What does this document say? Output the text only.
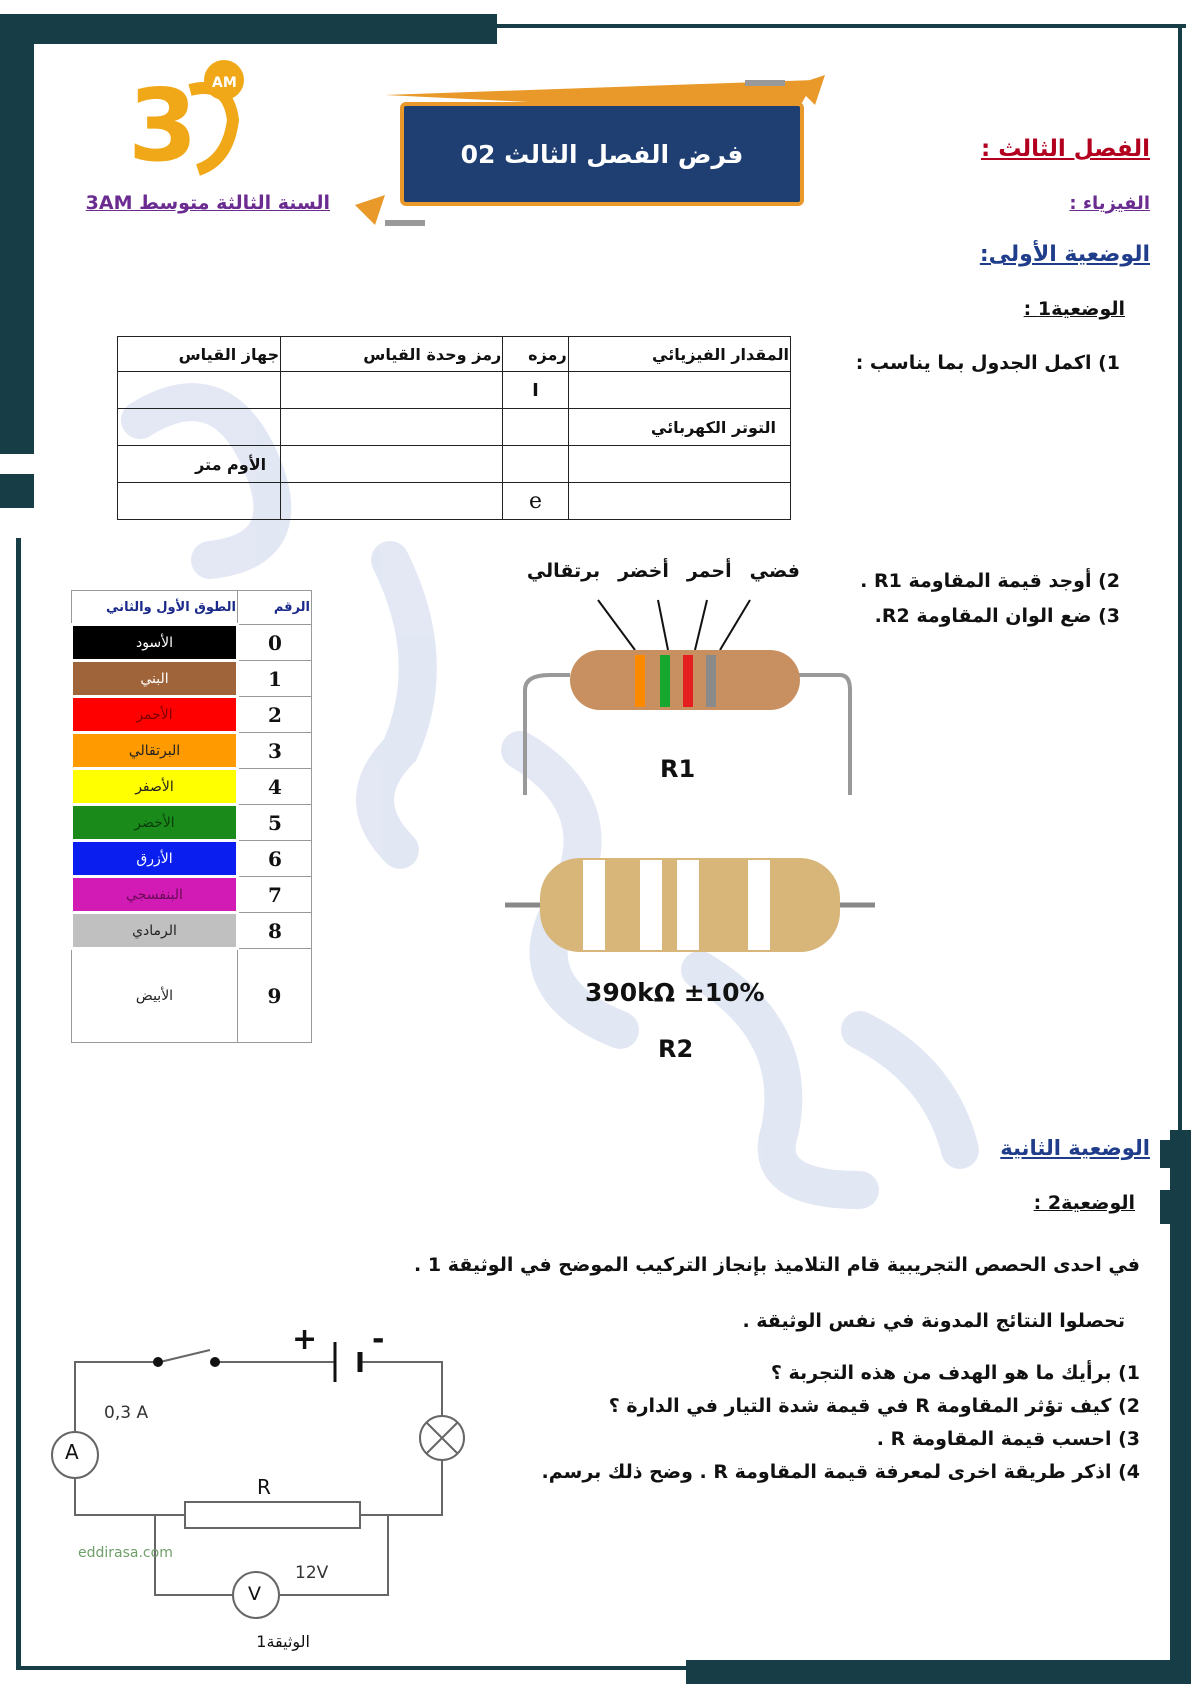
3 AM
السنة الثالثة متوسط 3AM
فرض الفصل الثالث 02	الفصل الثالث :
الفيزياء :
الوضعية الأولى:
الوضعية1 :
1) اكمل الجدول بما يناسب :
2) أوجد قيمة المقاومة R1 .
3) ضع الوان المقاومة R2.
المقدار الفيزيائي	رمزه	رمز وحدة القياس	جهاز القياس
	I		
التوتر الكهربائي			
			الأوم متر
	e		
الرقم	الطوق الأول والثاني
0	الأسود
1	البني
2	الأحمر
3	البرتقالي
4	الأصفر
5	الأخضر
6	الأزرق
7	البنفسجي
8	الرمادي
9	الأبيض
فضي
أحمر
أخضر
برتقالي
R1
390kΩ ±10%
R2
الوضعية الثانية
الوضعية2 :
في احدى الحصص التجريبية قام التلاميذ بإنجاز التركيب الموضح في الوثيقة 1 .
تحصلوا النتائج المدونة في نفس الوثيقة .
1) برأيك ما هو الهدف من هذه التجربة ؟
2) كيف تؤثر المقاومة R في قيمة شدة التيار في الدارة ؟
3) احسب قيمة المقاومة R .
4) اذكر طريقة اخرى لمعرفة قيمة المقاومة R . وضح ذلك برسم.
+ -
A
0,3 A
R
V
12V
الوثيقة1
eddirasa.com
